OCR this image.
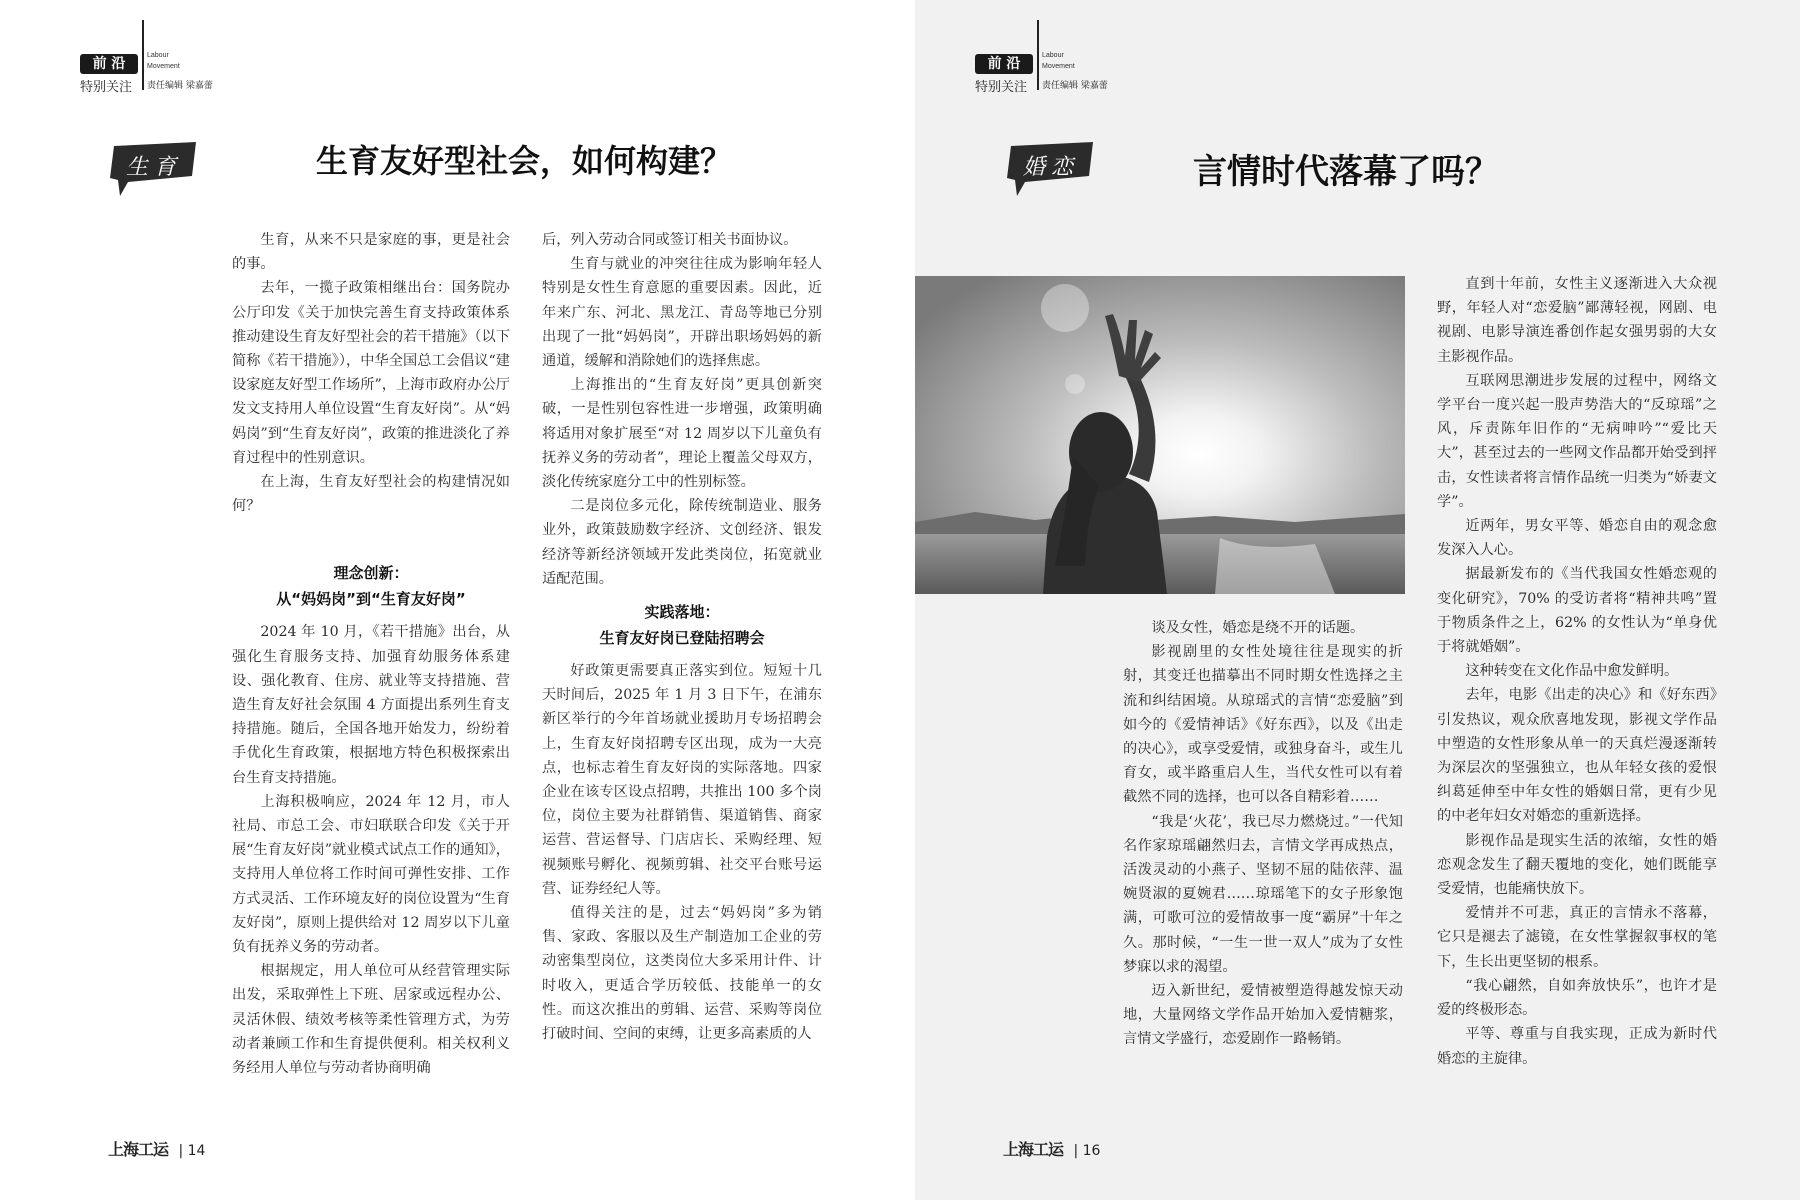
前 沿
Labour
Movement
特别关注 责任编辑 梁嘉蕾
生育	生育友好型社会，如何构建？

生育，从来不只是家庭的事，更是社会的事。

去年，一揽子政策相继出台：国务院办公厅印发《关于加快完善生育支持政策体系推动建设生育友好型社会的若干措施》（以下简称《若干措施》），中华全国总工会倡议“建设家庭友好型工作场所”，上海市政府办公厅发文支持用人单位设置“生育友好岗”。从“妈妈岗”到“生育友好岗”，政策的推进淡化了养育过程中的性别意识。

在上海，生育友好型社会的构建情况如何？

理念创新：
从“妈妈岗”到“生育友好岗”

2024 年 10 月，《若干措施》出台，从强化生育服务支持、加强育幼服务体系建设、强化教育、住房、就业等支持措施、营造生育友好社会氛围 4 方面提出系列生育支持措施。随后，全国各地开始发力，纷纷着手优化生育政策，根据地方特色积极探索出台生育支持措施。

上海积极响应，2024 年 12 月，市人社局、市总工会、市妇联联合印发《关于开展“生育友好岗”就业模式试点工作的通知》，支持用人单位将工作时间可弹性安排、工作方式灵活、工作环境友好的岗位设置为“生育友好岗”，原则上提供给对 12 周岁以下儿童负有抚养义务的劳动者。

根据规定，用人单位可从经营管理实际出发，采取弹性上下班、居家或远程办公、灵活休假、绩效考核等柔性管理方式，为劳动者兼顾工作和生育提供便利。相关权利义务经用人单位与劳动者协商明确

后，列入劳动合同或签订相关书面协议。

生育与就业的冲突往往成为影响年轻人特别是女性生育意愿的重要因素。因此，近年来广东、河北、黑龙江、青岛等地已分别出现了一批“妈妈岗”，开辟出职场妈妈的新通道，缓解和消除她们的选择焦虑。

上海推出的“生育友好岗”更具创新突破，一是性别包容性进一步增强，政策明确将适用对象扩展至“对 12 周岁以下儿童负有抚养义务的劳动者”，理论上覆盖父母双方，淡化传统家庭分工中的性别标签。

二是岗位多元化，除传统制造业、服务业外，政策鼓励数字经济、文创经济、银发经济等新经济领域开发此类岗位，拓宽就业适配范围。

实践落地：
生育友好岗已登陆招聘会

好政策更需要真正落实到位。短短十几天时间后，2025 年 1 月 3 日下午，在浦东新区举行的今年首场就业援助月专场招聘会上，生育友好岗招聘专区出现，成为一大亮点，也标志着生育友好岗的实际落地。四家企业在该专区设点招聘，共推出 100 多个岗位，岗位主要为社群销售、渠道销售、商家运营、营运督导、门店店长、采购经理、短视频账号孵化、视频剪辑、社交平台账号运营、证券经纪人等。

值得关注的是，过去“妈妈岗”多为销售、家政、客服以及生产制造加工企业的劳动密集型岗位，这类岗位大多采用计件、计时收入，更适合学历较低、技能单一的女性。而这次推出的剪辑、运营、采购等岗位打破时间、空间的束缚，让更多高素质的人

上海工运 | 14
前 沿
Labour
Movement
特别关注 责任编辑 梁嘉蕾
婚恋	言情时代落幕了吗？

谈及女性，婚恋是绕不开的话题。

影视剧里的女性处境往往是现实的折射，其变迁也描摹出不同时期女性选择之主流和纠结困境。从琼瑶式的言情“恋爱脑”到如今的《爱情神话》《好东西》，以及《出走的决心》，或享受爱情，或独身奋斗，或生儿育女，或半路重启人生，当代女性可以有着截然不同的选择，也可以各自精彩着……

“我是‘火花’，我已尽力燃烧过。”一代知名作家琼瑶翩然归去，言情文学再成热点，活泼灵动的小燕子、坚韧不屈的陆依萍、温婉贤淑的夏婉君……琼瑶笔下的女子形象饱满，可歌可泣的爱情故事一度“霸屏”十年之久。那时候，“一生一世一双人”成为了女性梦寐以求的渴望。

迈入新世纪，爱情被塑造得越发惊天动地，大量网络文学作品开始加入爱情糖浆，言情文学盛行，恋爱剧作一路畅销。

直到十年前，女性主义逐渐进入大众视野，年轻人对“恋爱脑”鄙薄轻视，网剧、电视剧、电影导演连番创作起女强男弱的大女主影视作品。

互联网思潮进步发展的过程中，网络文学平台一度兴起一股声势浩大的“反琼瑶”之风，斥责陈年旧作的“无病呻吟”“爱比天大”，甚至过去的一些网文作品都开始受到抨击，女性读者将言情作品统一归类为“娇妻文学”。

近两年，男女平等、婚恋自由的观念愈发深入人心。

据最新发布的《当代我国女性婚恋观的变化研究》，70% 的受访者将“精神共鸣”置于物质条件之上，62% 的女性认为“单身优于将就婚姻”。

这种转变在文化作品中愈发鲜明。

去年，电影《出走的决心》和《好东西》引发热议，观众欣喜地发现，影视文学作品中塑造的女性形象从单一的天真烂漫逐渐转为深层次的坚强独立，也从年轻女孩的爱恨纠葛延伸至中年女性的婚姻日常，更有少见的中老年妇女对婚恋的重新选择。

影视作品是现实生活的浓缩，女性的婚恋观念发生了翻天覆地的变化，她们既能享受爱情，也能痛快放下。

爱情并不可悲，真正的言情永不落幕，它只是褪去了滤镜，在女性掌握叙事权的笔下，生长出更坚韧的根系。

“我心翩然，自如奔放快乐”，也许才是爱的终极形态。

平等、尊重与自我实现，正成为新时代婚恋的主旋律。

上海工运 | 16
